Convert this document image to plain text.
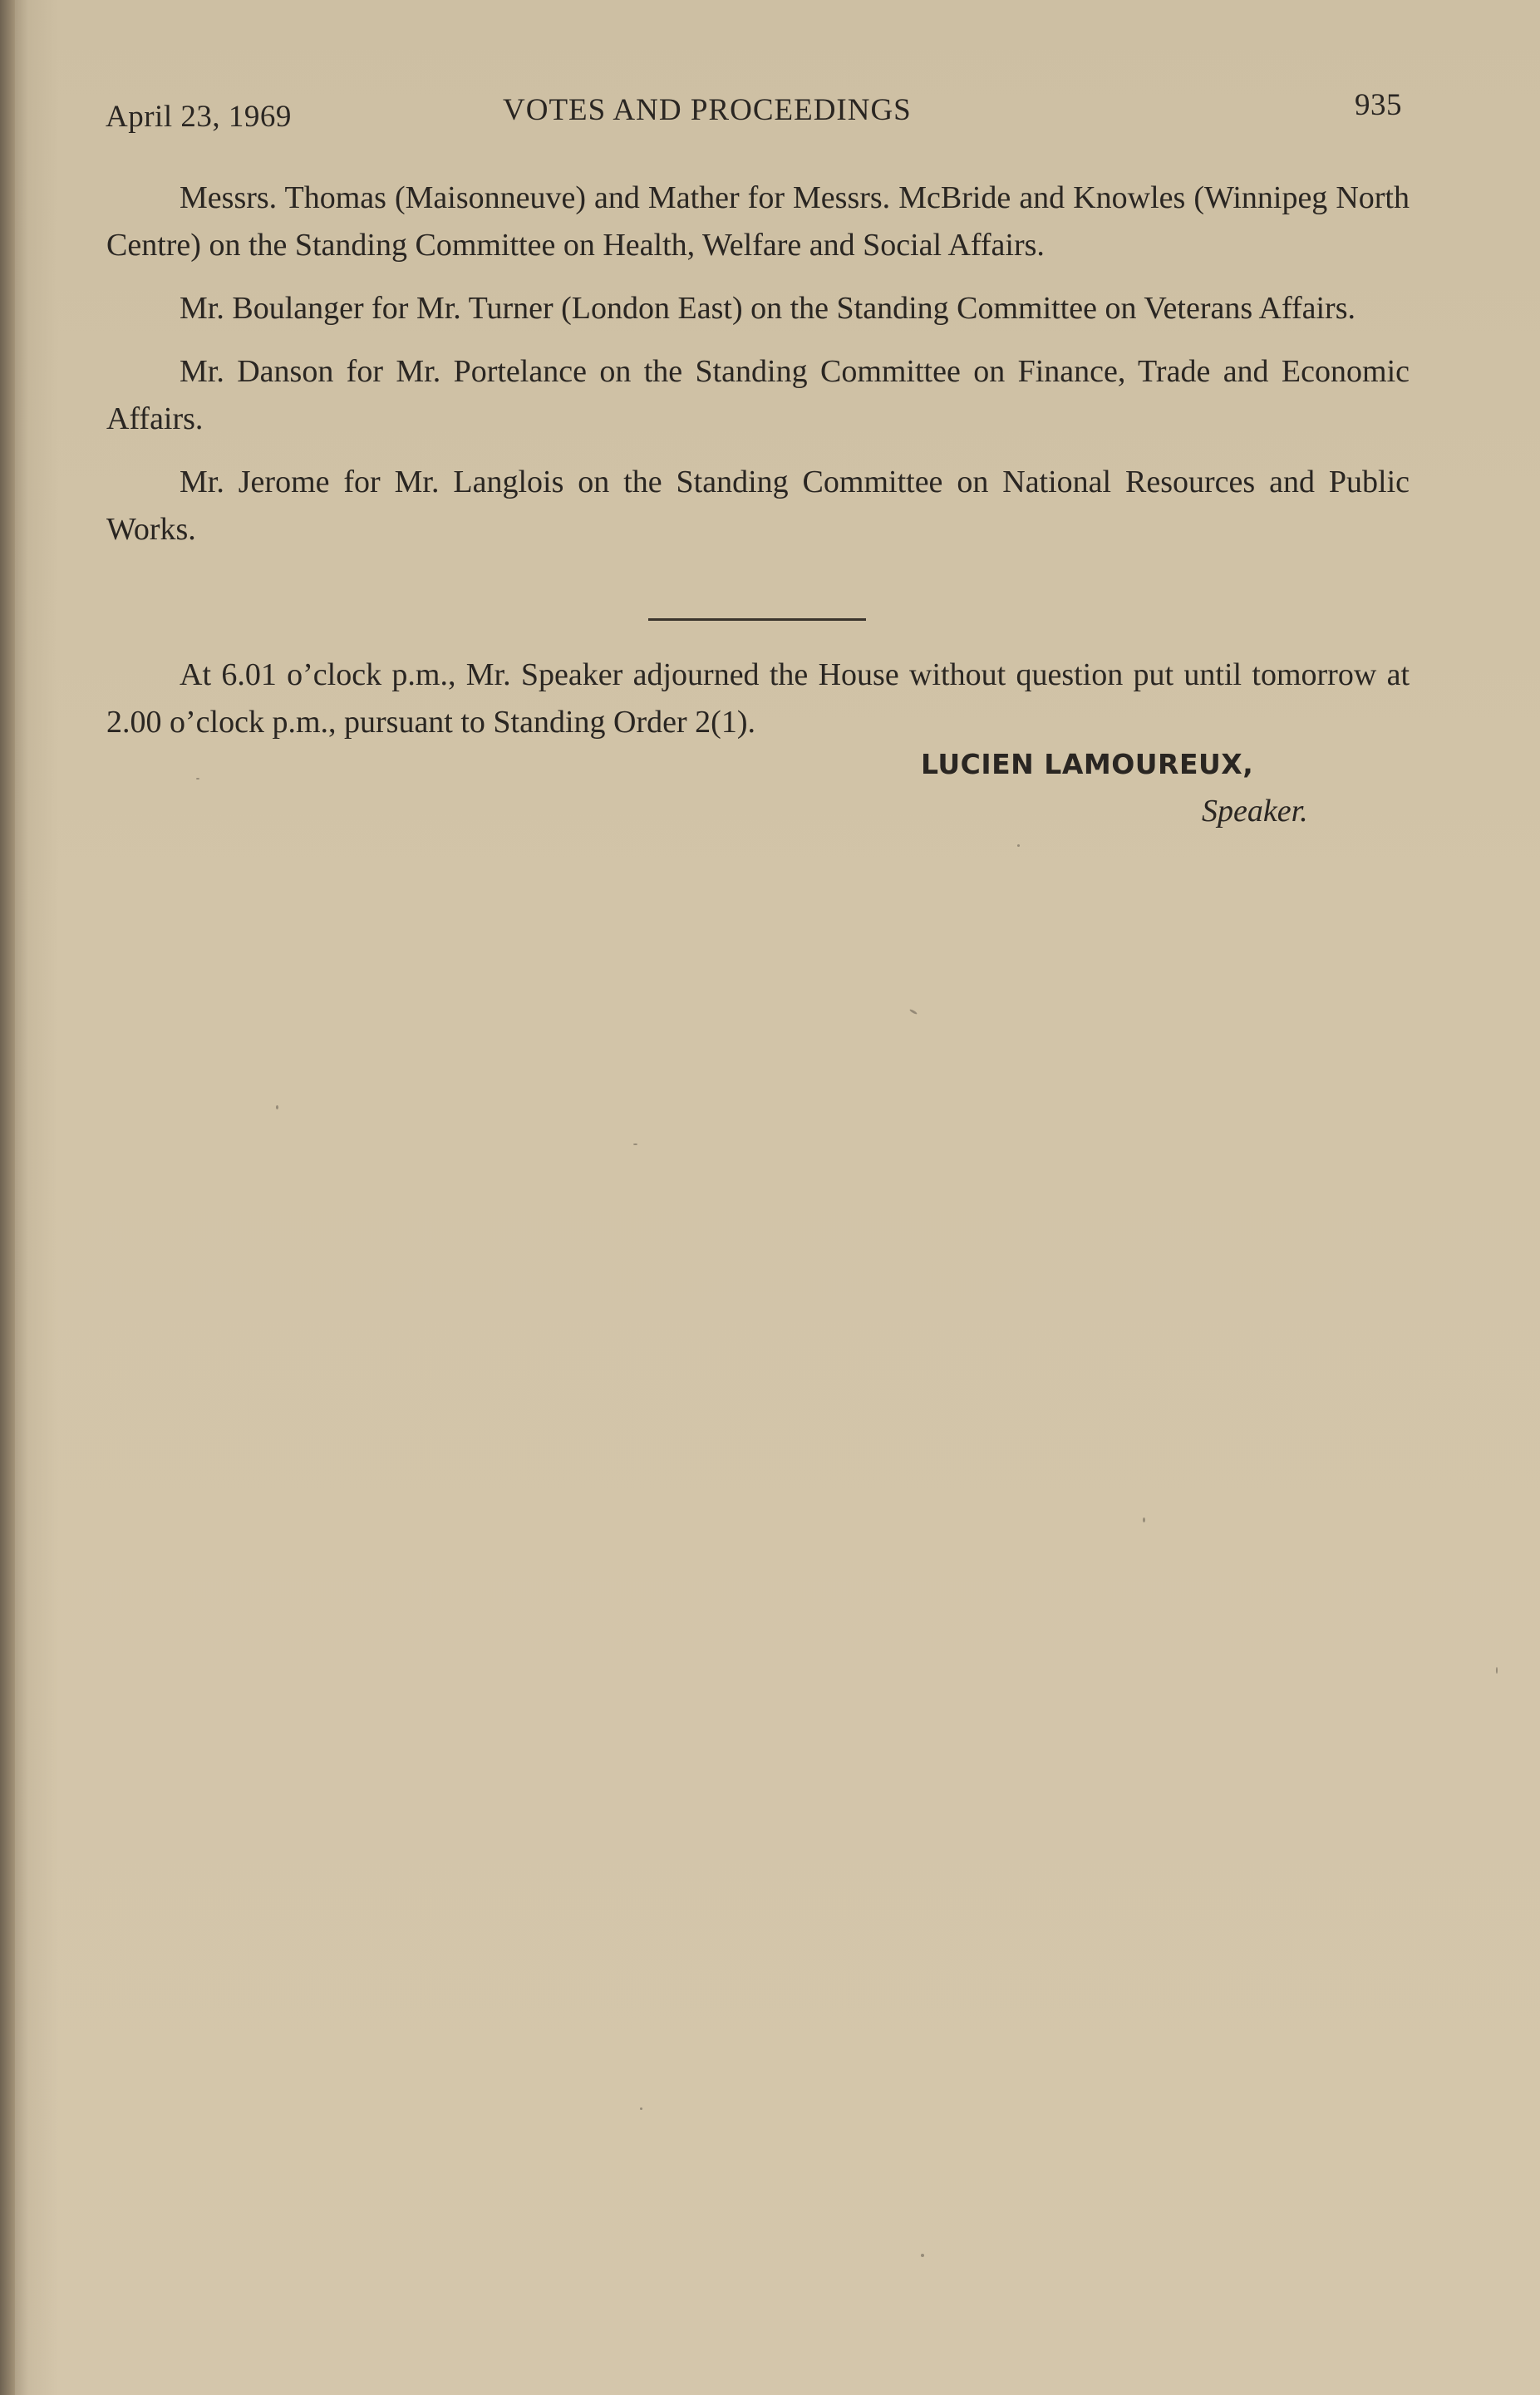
April 23, 1969	VOTES AND PROCEEDINGS	935

Messrs. Thomas (Maisonneuve) and Mather for Messrs. McBride and Knowles (Winnipeg North Centre) on the Standing Committee on Health, Welfare and Social Affairs.

Mr. Boulanger for Mr. Turner (London East) on the Standing Committee on Veterans Affairs.

Mr. Danson for Mr. Portelance on the Standing Committee on Finance, Trade and Economic Affairs.

Mr. Jerome for Mr. Langlois on the Standing Committee on National Resources and Public Works.

At 6.01 o’clock p.m., Mr. Speaker adjourned the House without question put until tomorrow at 2.00 o’clock p.m., pursuant to Standing Order 2(1).

LUCIEN LAMOUREUX,
Speaker.
